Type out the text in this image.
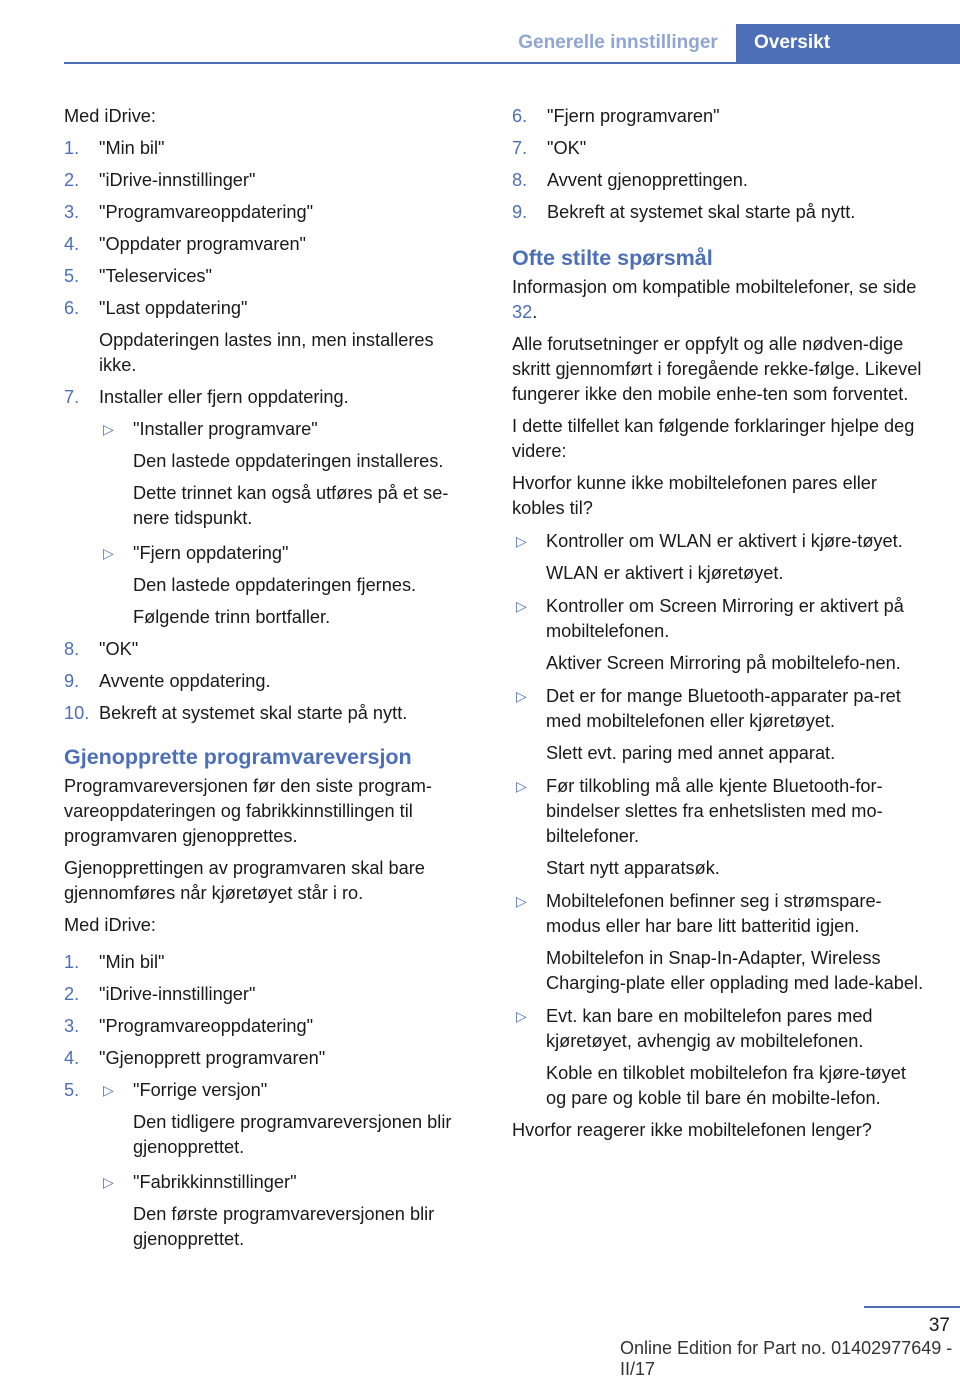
Generelle innstillinger	Oversikt

Med iDrive:

1. "Min bil"
2. "iDrive-innstillinger"
3. "Programvareoppdatering"
4. "Oppdater programvaren"
5. "Teleservices"
6. "Last oppdatering"
Oppdateringen lastes inn, men installeres ikke.
7. Installer eller fjern oppdatering.
▷ "Installer programvare"
Den lastede oppdateringen installeres.
Dette trinnet kan også utføres på et se-nere tidspunkt.
▷ "Fjern oppdatering"
Den lastede oppdateringen fjernes.
Følgende trinn bortfaller.
8. "OK"
9. Avvente oppdatering.
10. Bekreft at systemet skal starte på nytt.
Gjenopprette programvareversjon

Programvareversjonen før den siste program-vareoppdateringen og fabrikkinnstillingen til programvaren gjenopprettes.

Gjenopprettingen av programvaren skal bare gjennomføres når kjøretøyet står i ro.

Med iDrive:

1. "Min bil"
2. "iDrive-innstillinger"
3. "Programvareoppdatering"
4. "Gjenopprett programvaren"
5. ▷ "Forrige versjon"
Den tidligere programvareversjonen blir gjenopprettet.
▷ "Fabrikkinnstillinger"
Den første programvareversjonen blir gjenopprettet.
6. "Fjern programvaren"
7. "OK"
8. Avvent gjenopprettingen.
9. Bekreft at systemet skal starte på nytt.
Ofte stilte spørsmål

Informasjon om kompatible mobiltelefoner, se side 32.

Alle forutsetninger er oppfylt og alle nødven-dige skritt gjennomført i foregående rekke-følge. Likevel fungerer ikke den mobile enhe-ten som forventet.

I dette tilfellet kan følgende forklaringer hjelpe deg videre:

Hvorfor kunne ikke mobiltelefonen pares eller kobles til?

▷ Kontroller om WLAN er aktivert i kjøre-tøyet.
WLAN er aktivert i kjøretøyet.
▷ Kontroller om Screen Mirroring er aktivert på mobiltelefonen.
Aktiver Screen Mirroring på mobiltelefo-nen.
▷ Det er for mange Bluetooth-apparater pa-ret med mobiltelefonen eller kjøretøyet.
Slett evt. paring med annet apparat.
▷ Før tilkobling må alle kjente Bluetooth-for-bindelser slettes fra enhetslisten med mo-biltelefoner.
Start nytt apparatsøk.
▷ Mobiltelefonen befinner seg i strømspare-modus eller har bare litt batteritid igjen.
Mobiltelefon in Snap-In-Adapter, Wireless Charging-plate eller opplading med lade-kabel.
▷ Evt. kan bare en mobiltelefon pares med kjøretøyet, avhengig av mobiltelefonen.
Koble en tilkoblet mobiltelefon fra kjøre-tøyet og pare og koble til bare én mobilte-lefon.

Hvorfor reagerer ikke mobiltelefonen lenger?

37
Online Edition for Part no. 01402977649 - II/17
